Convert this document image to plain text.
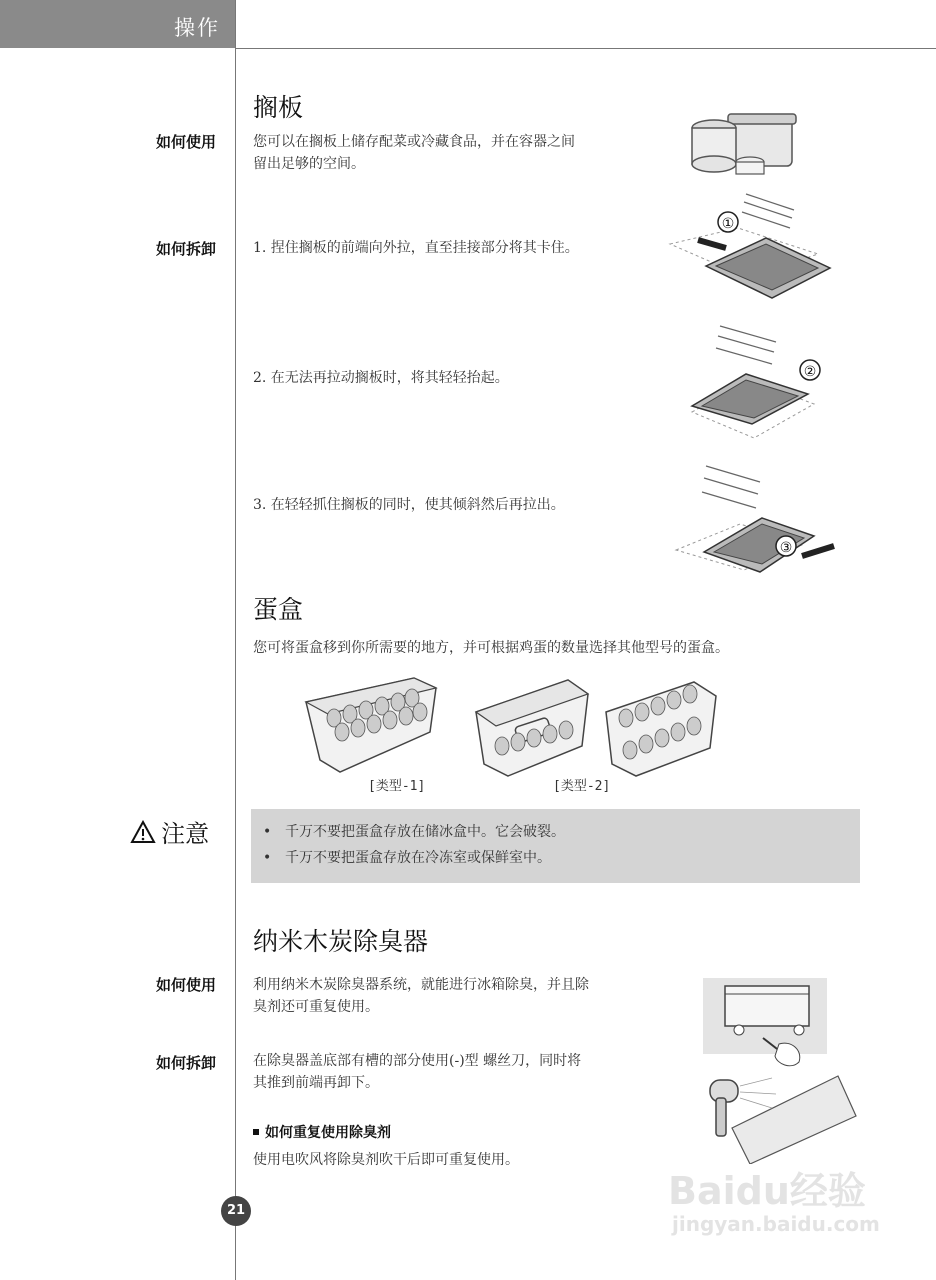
操作
搁板
如何使用	您可以在搁板上储存配菜或冷藏食品，并在容器之间
留出足够的空间。
如何拆卸	1. 捏住搁板的前端向外拉，直至挂接部分将其卡住。
2. 在无法再拉动搁板时，将其轻轻抬起。
3. 在轻轻抓住搁板的同时，使其倾斜然后再拉出。
①
②
③
蛋盒
您可将蛋盒移到你所需要的地方，并可根据鸡蛋的数量选择其他型号的蛋盒。
[类型-1]	[类型-2]
注意
•	千万不要把蛋盒存放在储冰盒中。它会破裂。
• 千万不要把蛋盒存放在冷冻室或保鲜室中。
纳米木炭除臭器
如何使用	利用纳米木炭除臭器系统，就能进行冰箱除臭，并且除
臭剂还可重复使用。
如何拆卸	在除臭器盖底部有槽的部分使用(-)型 螺丝刀，同时将
其推到前端再卸下。
如何重复使用除臭剂
使用电吹风将除臭剂吹干后即可重复使用。
21	Baidu经验
jingyan.baidu.com
